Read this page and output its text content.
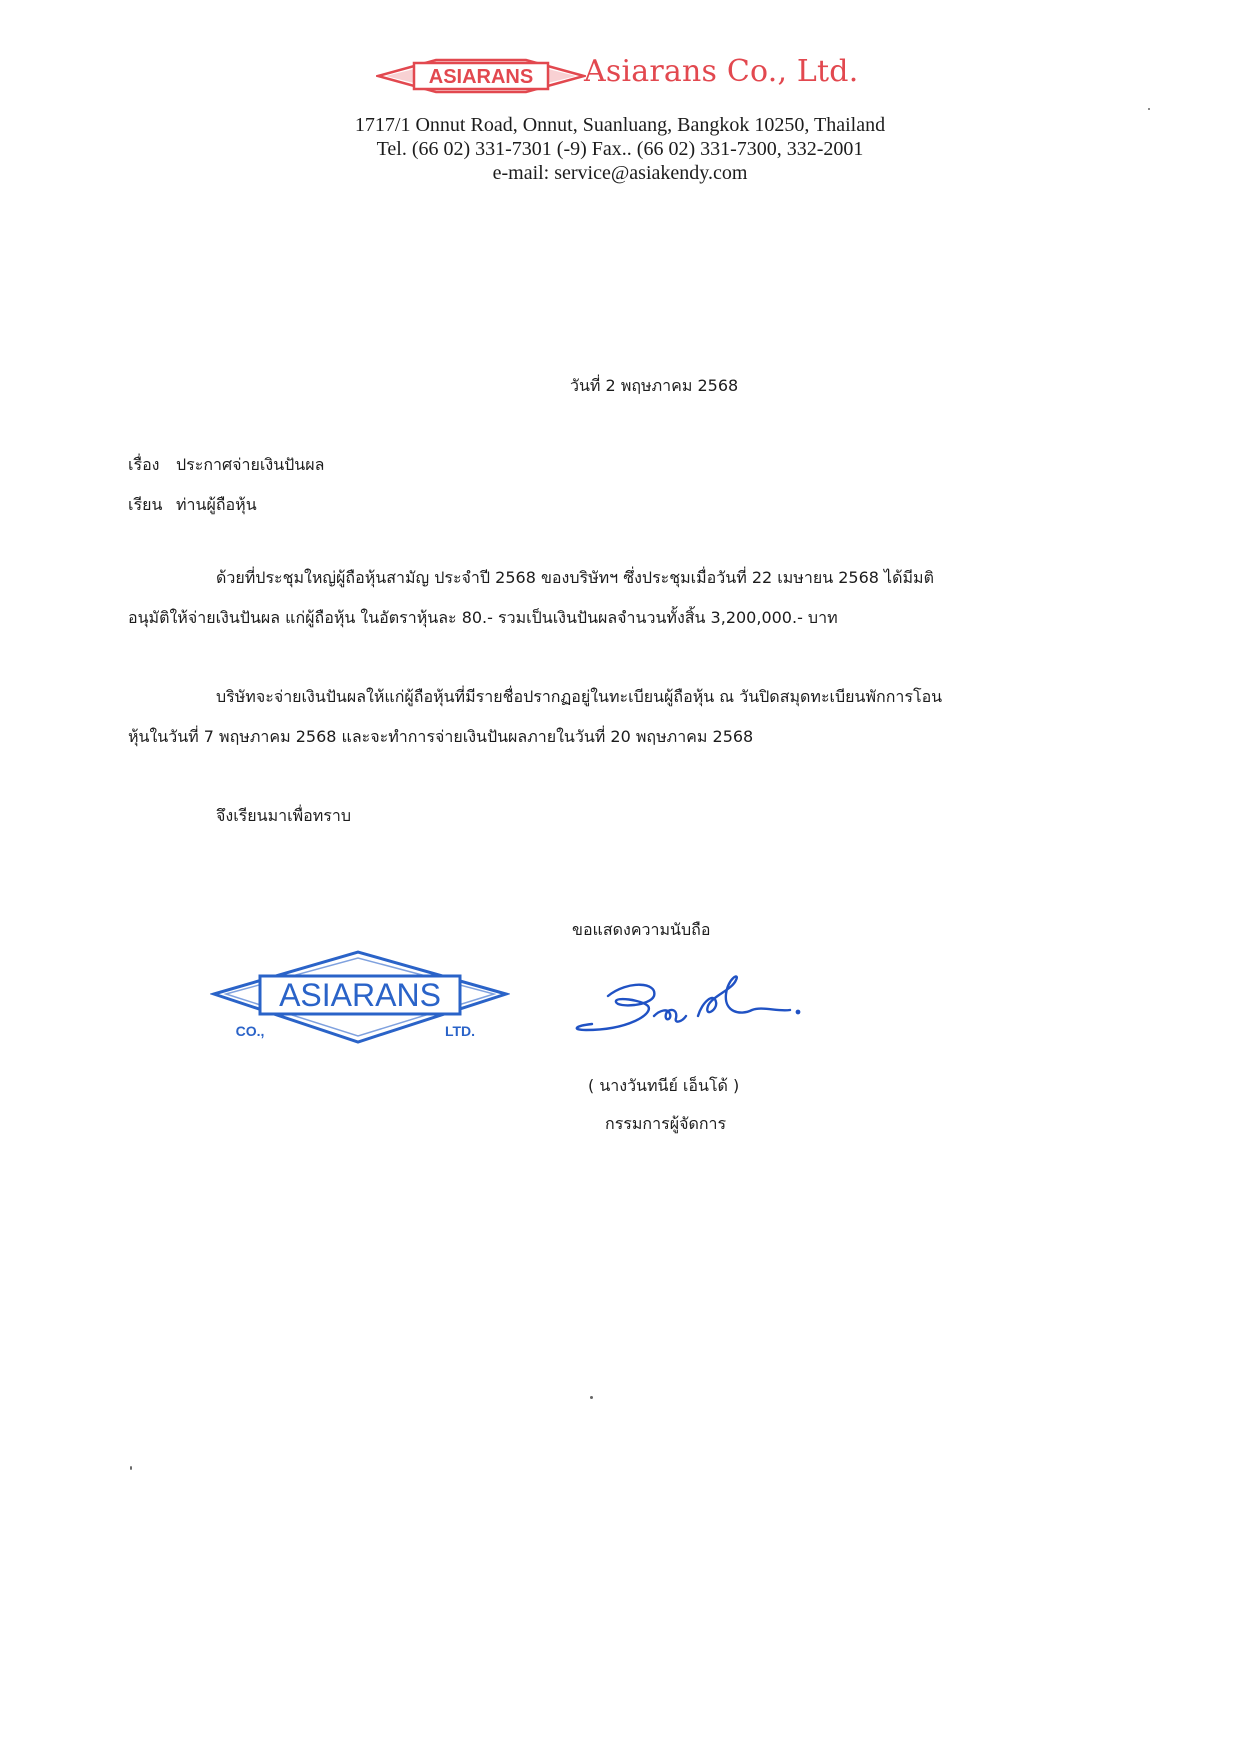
ASIARANS Asiarans Co., Ltd.
1717/1 Onnut Road, Onnut, Suanluang, Bangkok 10250, Thailand
Tel. (66 02) 331-7301 (-9) Fax.. (66 02) 331-7300, 332-2001
e-mail: service@asiakendy.com
วันที่ 2 พฤษภาคม 2568
เรื่อง ประกาศจ่ายเงินปันผล
เรียน ท่านผู้ถือหุ้น
ด้วยที่ประชุมใหญ่ผู้ถือหุ้นสามัญ ประจำปี 2568 ของบริษัทฯ ซึ่งประชุมเมื่อวันที่ 22 เมษายน 2568 ได้มีมติ
อนุมัติให้จ่ายเงินปันผล แก่ผู้ถือหุ้น ในอัตราหุ้นละ 80.- รวมเป็นเงินปันผลจำนวนทั้งสิ้น 3,200,000.- บาท
บริษัทจะจ่ายเงินปันผลให้แก่ผู้ถือหุ้นที่มีรายชื่อปรากฏอยู่ในทะเบียนผู้ถือหุ้น ณ วันปิดสมุดทะเบียนพักการโอน
หุ้นในวันที่ 7 พฤษภาคม 2568 และจะทำการจ่ายเงินปันผลภายในวันที่ 20 พฤษภาคม 2568
จึงเรียนมาเพื่อทราบ
ขอแสดงความนับถือ
ASIARANS
CO.,	LTD.
( นางวันทนีย์ เอ็นโด้ )
กรรมการผู้จัดการ
